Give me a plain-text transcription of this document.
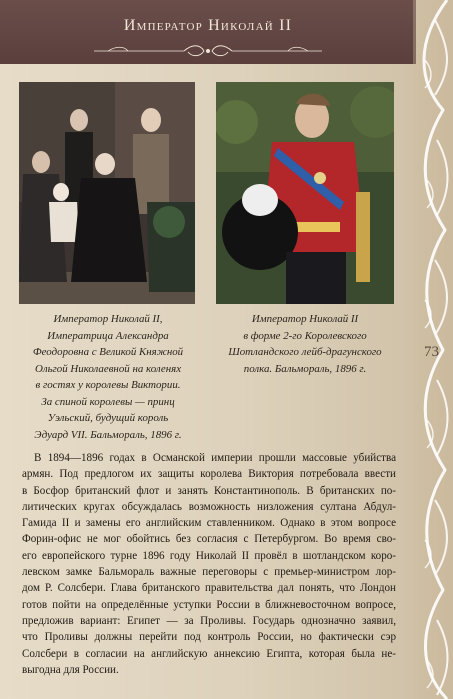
Император Николай II
73
Император Николай II,
Императрица Александра
Феодоровна с Великой Княжной
Ольгой Николаевной на коленях
в гостях у королевы Виктории.
За спиной королевы — принц
Уэльский, будущий король
Эдуард VII. Бальмораль, 1896 г.
Император Николай II
в форме 2-го Королевского
Шотландского лейб-драгунского
полка. Бальмораль, 1896 г.
В 1894—1896 годах в Османской империи прошли массовые убийства
армян. Под предлогом их защиты королева Виктория потребовала ввести
в Босфор британский флот и занять Константинополь. В британских по-
литических кругах обсуждалась возможность низложения султана Абдул-
Гамида II и замены его английским ставленником. Однако в этом вопросе
Форин-офис не мог обойтись без согласия с Петербургом. Во время сво-
его европейского турне 1896 году Николай II провёл в шотландском коро-
левском замке Бальмораль важные переговоры с премьер-министром лор-
дом Р. Солсбери. Глава британского правительства дал понять, что Лондон
готов пойти на определённые уступки России в ближневосточном вопросе,
предложив вариант: Египет — за Проливы. Государь однозначно заявил,
что Проливы должны перейти под контроль России, но фактически сэр
Солсбери в согласии на английскую аннексию Египта, которая была не-
выгодна для России.
